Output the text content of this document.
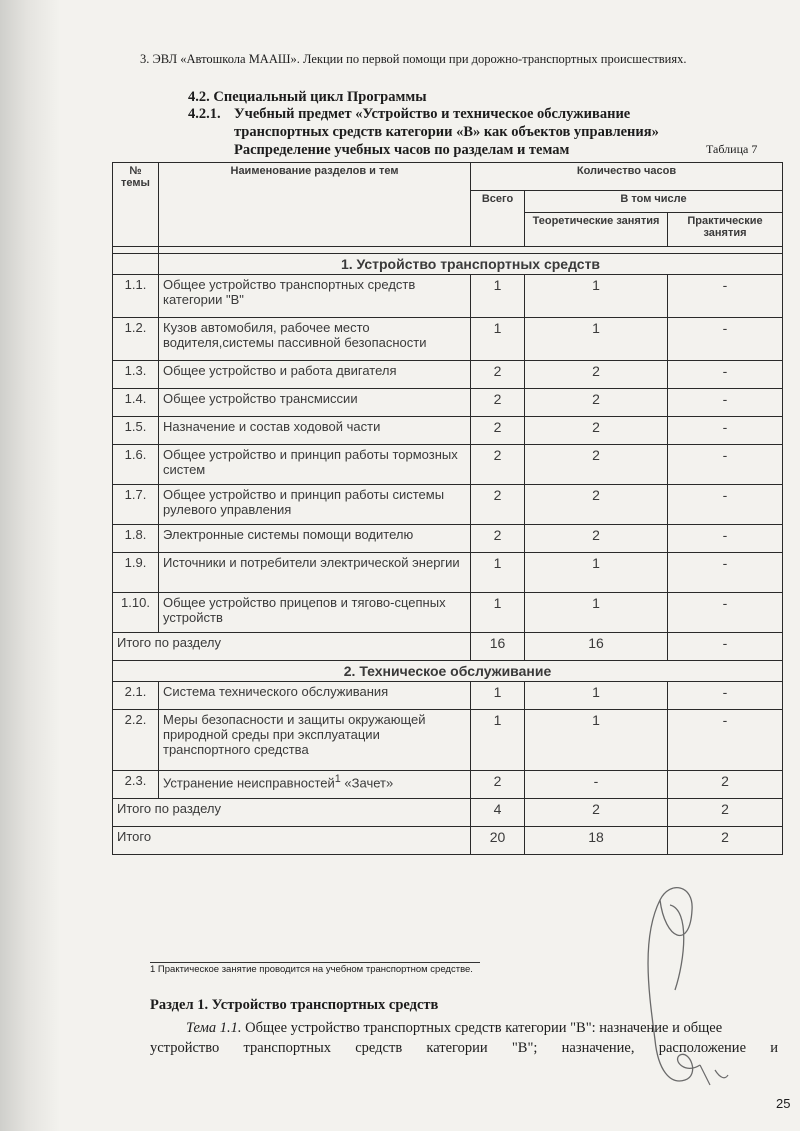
3. ЭВЛ «Автошкола МААШ». Лекции по первой помощи при дорожно-транспортных происшествиях.
4.2. Специальный цикл Программы
4.2.1. Учебный предмет «Устройство и техническое обслуживание
транспортных средств категории «В» как объектов управления»
Распределение учебных часов по разделам и темам	Таблица 7
№ темы	Наименование разделов и тем	Количество часов		
		Всего	В том числе	
			Теоретические занятия	Практические занятия

	1. Устройство транспортных средств			
1.1.	Общее устройство транспортных средств категории "В"	1	1	-
1.2.	Кузов автомобиля, рабочее место водителя,системы пассивной безопасности	1	1	-
1.3.	Общее устройство и работа двигателя	2	2	-
1.4.	Общее устройство трансмиссии	2	2	-
1.5.	Назначение и состав ходовой части	2	2	-
1.6.	Общее устройство и принцип работы тормозных систем	2	2	-
1.7.	Общее устройство и принцип работы системы рулевого управления	2	2	-
1.8.	Электронные системы помощи водителю	2	2	-
1.9.	Источники и потребители электрической энергии	1	1	-
1.10.	Общее устройство прицепов и тягово-сцепных устройств	1	1	-
Итого по разделу		16	16	-
2. Техническое обслуживание				
2.1.	Система технического обслуживания	1	1	-
2.2.	Меры безопасности и защиты окружающей природной среды при эксплуатации транспортного средства	1	1	-
2.3.	Устранение неисправностей$^1$ «Зачет»	2	-	2
Итого по разделу		4	2	2
Итого		20	18	2
1 Практическое занятие проводится на учебном транспортном средстве.
Раздел 1. Устройство транспортных средств
Тема 1.1. Общее устройство транспортных средств категории "В": назначение и общее
устройство транспортных средств категории "В"; назначение, расположение и
25
